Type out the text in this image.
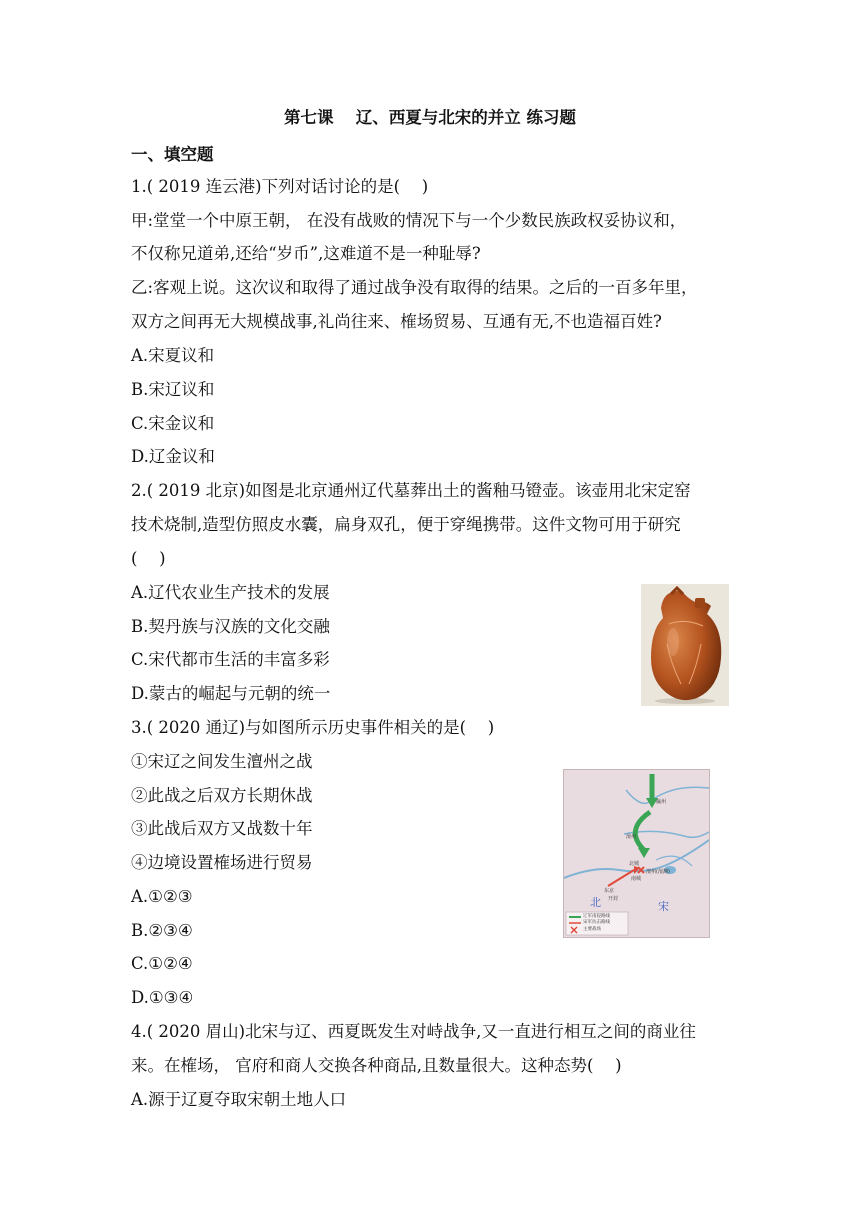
第七课　 辽、西夏与北宋的并立 练习题
一、填空题
1.( 2019 连云港)下列对话讨论的是(　 )
甲:堂堂一个中原王朝， 在没有战败的情况下与一个少数民族政权妥协议和，
不仅称兄道弟,还给“岁币”,这难道不是一种耻辱?
乙:客观上说。这次议和取得了通过战争没有取得的结果。之后的一百多年里，
双方之间再无大规模战事,礼尚往来、榷场贸易、互通有无,不也造福百姓?
A.宋夏议和
B.宋辽议和
C.宋金议和
D.辽金议和
2.( 2019 北京)如图是北京通州辽代墓葬出土的酱釉马镫壶。该壶用北宋定窑
技术烧制,造型仿照皮水囊，扁身双孔，便于穿绳携带。这件文物可用于研究
(　 )
A.辽代农业生产技术的发展
B.契丹族与汉族的文化交融
C.宋代都市生活的丰富多彩
D.蒙古的崛起与元朝的统一
3.( 2020 通辽)与如图所示历史事件相关的是(　 )
①宋辽之间发生澶州之战
②此战之后双方长期休战
③此战后双方又战数十年
④边境设置榷场进行贸易
A.①②③
B.②③④
C.①②④
D.①③④
北	宋
瀛州
澶州
北城
南城
澶州(澶渊)
开封
东京
辽军南侵路线
宋军抗击路线
主要战场
4.( 2020 眉山)北宋与辽、西夏既发生对峙战争,又一直进行相互之间的商业往
来。在榷场， 官府和商人交换各种商品,且数量很大。这种态势(　 )
A.源于辽夏夺取宋朝土地人口
